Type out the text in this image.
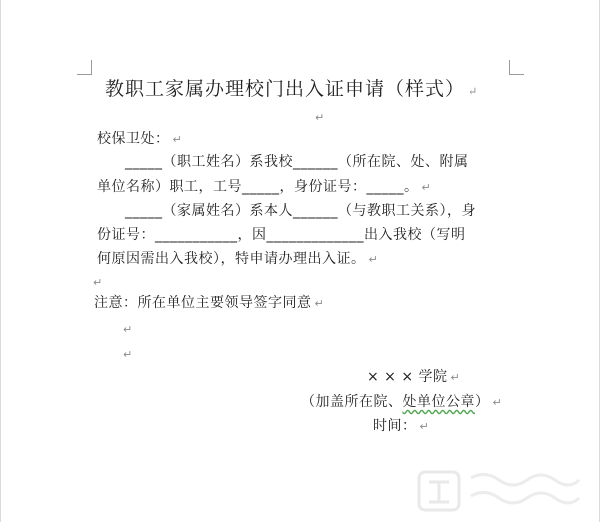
教职工家属办理校门出入证申请（样式） ↵
↵
校保卫处： ↵
_____（职工姓名）系我校______（所在院、处、附属
单位名称）职工，工号_____，身份证号：_____。 ↵
_____（家属姓名）系本人______（与教职工关系），身
份证号：___________，因_____________出入我校（写明
何原因需出入我校），特申请办理出入证。 ↵
↵
注意：所在单位主要领导签字同意 ↵
↵
↵
× × × 学院 ↵
（加盖所在院、处单位公章） ↵
时间： ↵
